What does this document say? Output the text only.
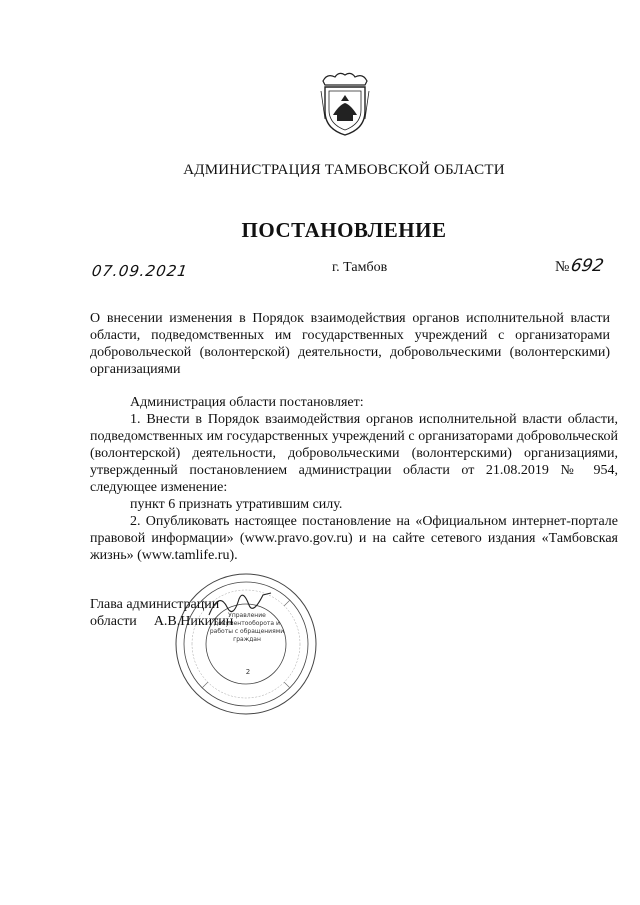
АДМИНИСТРАЦИЯ ТАМБОВСКОЙ ОБЛАСТИ
ПОСТАНОВЛЕНИЕ
07.09.2021	г. Тамбов	№692
О внесении изменения в Порядок взаимодействия органов исполнительной власти области, подведомственных им государственных учреждений с организаторами добровольческой (волонтерской) деятельности, добровольческими (волонтерскими) организациями

Администрация области постановляет:

1. Внести в Порядок взаимодействия органов исполнительной власти области, подведомственных им государственных учреждений с организаторами добровольческой (волонтерской) деятельности, добровольческими (волонтерскими) организациями, утвержденный постановлением администрации области от 21.08.2019 № 954, следующее изменение:

пункт 6 признать утратившим силу.

2. Опубликовать настоящее постановление на «Официальном интернет-портале правовой информации» (www.pravo.gov.ru) и на сайте сетевого издания «Тамбовская жизнь» (www.tamlife.ru).

Управление документооборота и работы с обращениями граждан
2
Глава администрации
области А.В.Никитин
